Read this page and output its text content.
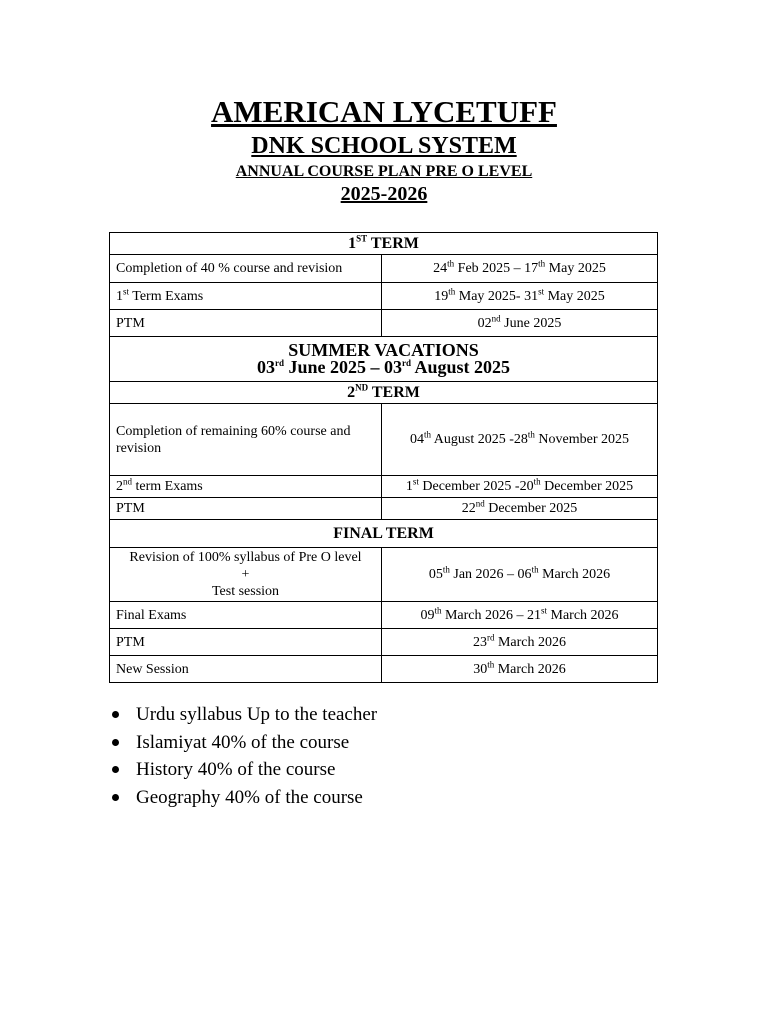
AMERICAN LYCETUFF
DNK SCHOOL SYSTEM
ANNUAL COURSE PLAN PRE O LEVEL
2025-2026
1ST TERM	
Completion of 40 % course and revision	24th Feb 2025 – 17th May 2025
1st Term Exams	19th May 2025- 31st May 2025
PTM	02nd June 2025

SUMMER VACATIONS
03rd June 2025 – 03rd August 2025	

2ND TERM	
Completion of remaining 60% course and revision	04th August 2025 -28th November 2025
2nd term Exams	1st December 2025 -20th December 2025
PTM	22nd December 2025
FINAL TERM	

Revision of 100% syllabus of Pre O level
+
Test session	05th Jan 2026 – 06th March 2026
Final Exams	09th March 2026 – 21st March 2026
PTM	23rd March 2026
New Session	30th March 2026
Urdu syllabus Up to the teacher
Islamiyat 40% of the course
History 40% of the course
Geography 40% of the course
